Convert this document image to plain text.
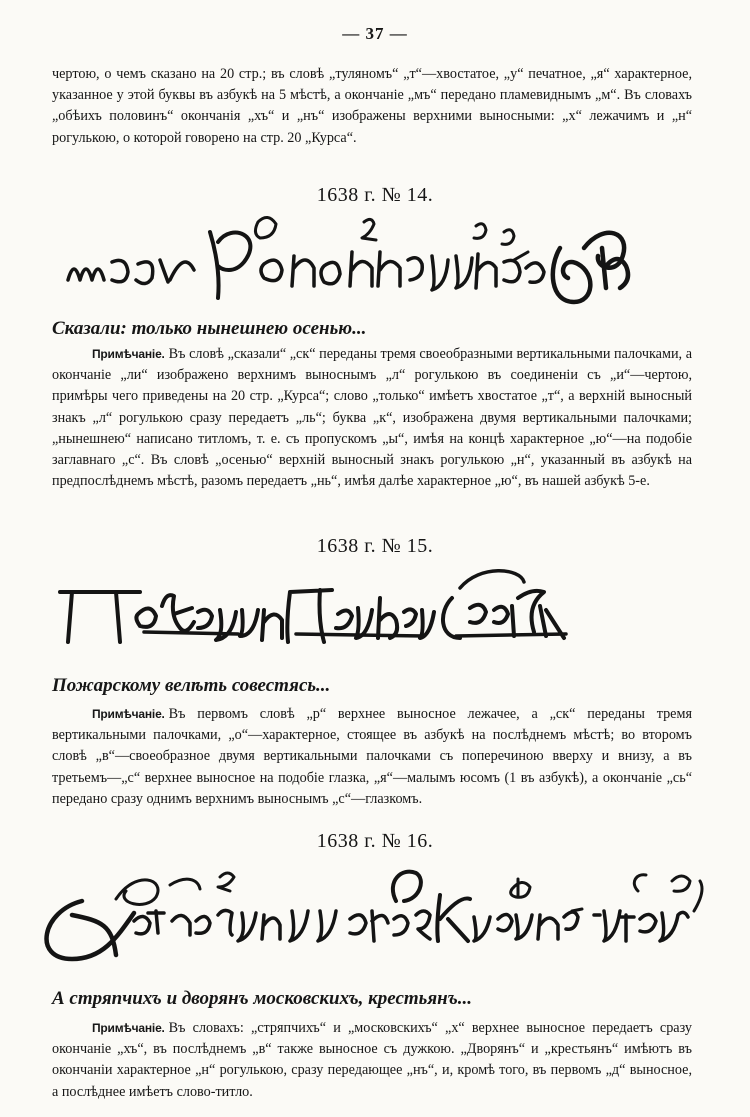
— 37 —

чертою, о чемъ сказано на 20 стр.; въ словѣ „туляномъ“ „т“—хвостатое, „у“ печатное, „я“ характерное, указанное у этой буквы въ азбукѣ на 5 мѣстѣ, а окончаніе „мъ“ передано пламевиднымъ „м“. Въ словахъ „обѣихъ половинъ“ окончанія „хъ“ и „нъ“ изображены верхними выносными: „х“ лежачимъ и „н“ рогулькою, о которой говорено на стр. 20 „Курса“.

1638 г. № 14.
Сказали: только нынешнею осенью...

Примѣчаніе. Въ словѣ „сказали“ „ск“ переданы тремя своеобразными вертикальными палочками, а окончаніе „ли“ изображено верхнимъ выноснымъ „л“ рогулькою въ соединеніи съ „и“—чертою, примѣры чего приведены на 20 стр. „Курса“; слово „только“ имѣетъ хвостатое „т“, а верхній выносный знакъ „л“ рогулькою сразу передаетъ „ль“; буква „к“, изображена двумя вертикальными палочками; „нынешнею“ написано титломъ, т. е. съ пропускомъ „ы“, имѣя на концѣ характерное „ю“—на подобіе заглавнаго „с“. Въ словѣ „осенью“ верхній выносный знакъ рогулькою „н“, указанный въ азбукѣ на предпослѣднемъ мѣстѣ, разомъ передаетъ „нь“, имѣя далѣе характерное „ю“, въ нашей азбукѣ 5-е.

1638 г. № 15.
Пожарскому велѣть совестясь...

Примѣчаніе. Въ первомъ словѣ „р“ верхнее выносное лежачее, а „ск“ переданы тремя вертикальными палочками, „о“—характерное, стоящее въ азбукѣ на послѣднемъ мѣстѣ; во второмъ словѣ „в“—своеобразное двумя вертикальными палочками съ поперечиною вверху и внизу, а въ третьемъ—„с“ верхнее выносное на подобіе глазка, „я“—малымъ юсомъ (1 въ азбукѣ), а окончаніе „сь“ передано сразу однимъ верхнимъ выноснымъ „с“—глазкомъ.

1638 г. № 16.
А стряпчихъ и дворянъ московскихъ, крестьянъ...

Примѣчаніе. Въ словахъ: „стряпчихъ“ и „московскихъ“ „х“ верхнее выносное передаетъ сразу окончаніе „хъ“, въ послѣднемъ „в“ также выносное съ дужкою. „Дворянъ“ и „крестьянъ“ имѣютъ въ окончаніи характерное „н“ рогулькою, сразу передающее „нъ“, и, кромѣ того, въ первомъ „д“ выносное, а послѣднее имѣетъ слово-титло.
